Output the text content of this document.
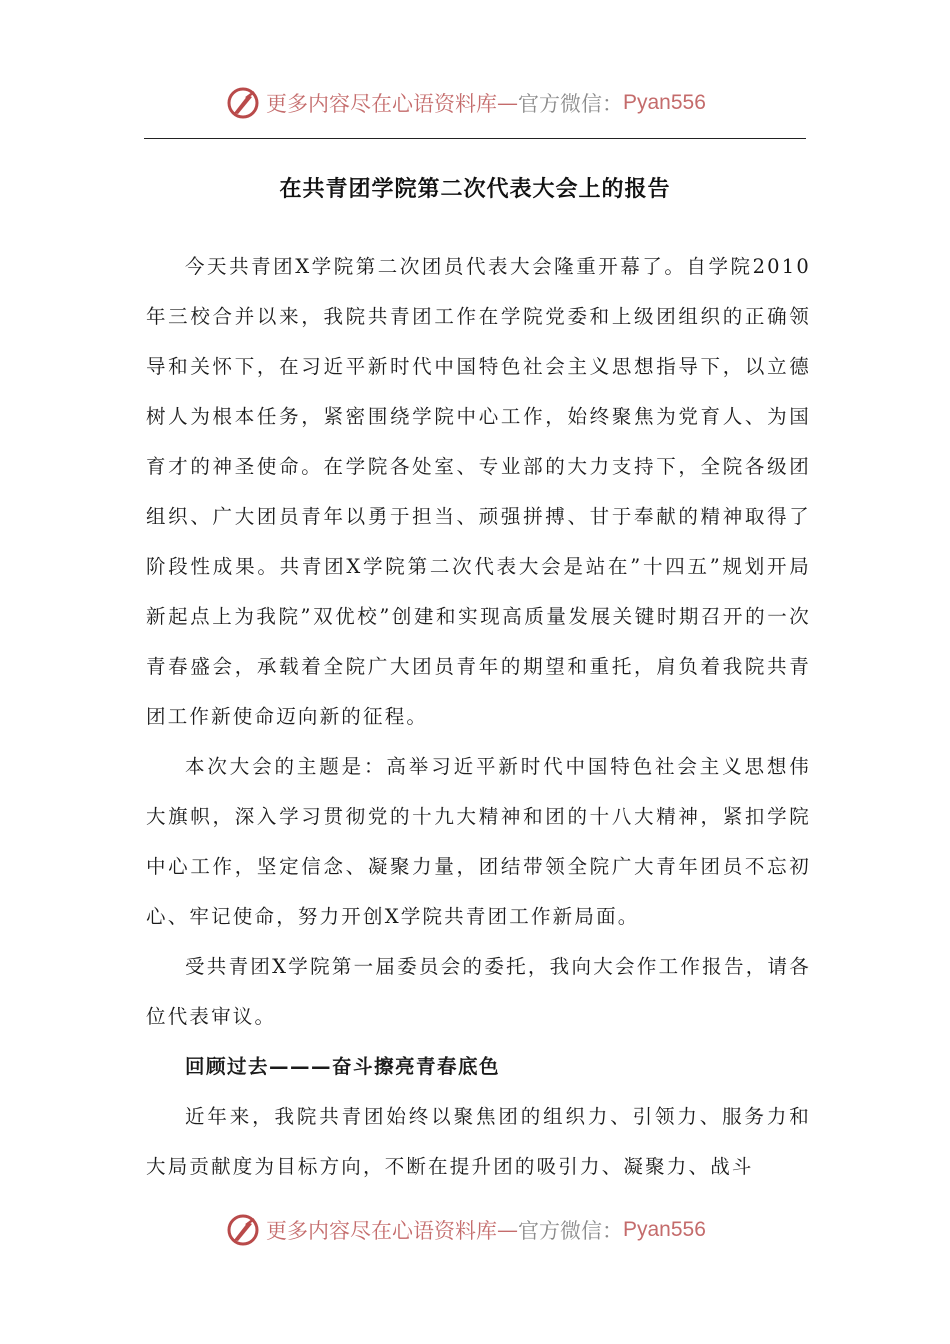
更多内容尽在心语资料库 — 官方微信： Pyan556
在共青团学院第二次代表大会上的报告

今天共青团X学院第二次团员代表大会隆重开幕了。自学院2010年三校合并以来，我院共青团工作在学院党委和上级团组织的正确领导和关怀下，在习近平新时代中国特色社会主义思想指导下，以立德树人为根本任务，紧密围绕学院中心工作，始终聚焦为党育人、为国育才的神圣使命。在学院各处室、专业部的大力支持下，全院各级团组织、广大团员青年以勇于担当、顽强拼搏、甘于奉献的精神取得了阶段性成果。共青团X学院第二次代表大会是站在”十四五”规划开局新起点上为我院”双优校”创建和实现高质量发展关键时期召开的一次青春盛会，承载着全院广大团员青年的期望和重托，肩负着我院共青团工作新使命迈向新的征程。

本次大会的主题是：高举习近平新时代中国特色社会主义思想伟大旗帜，深入学习贯彻党的十九大精神和团的十八大精神，紧扣学院中心工作，坚定信念、凝聚力量，团结带领全院广大青年团员不忘初心、牢记使命，努力开创X学院共青团工作新局面。

受共青团X学院第一届委员会的委托，我向大会作工作报告，请各位代表审议。

回顾过去———奋斗擦亮青春底色

近年来，我院共青团始终以聚焦团的组织力、引领力、服务力和大局贡献度为目标方向，不断在提升团的吸引力、凝聚力、战斗

更多内容尽在心语资料库 — 官方微信： Pyan556
